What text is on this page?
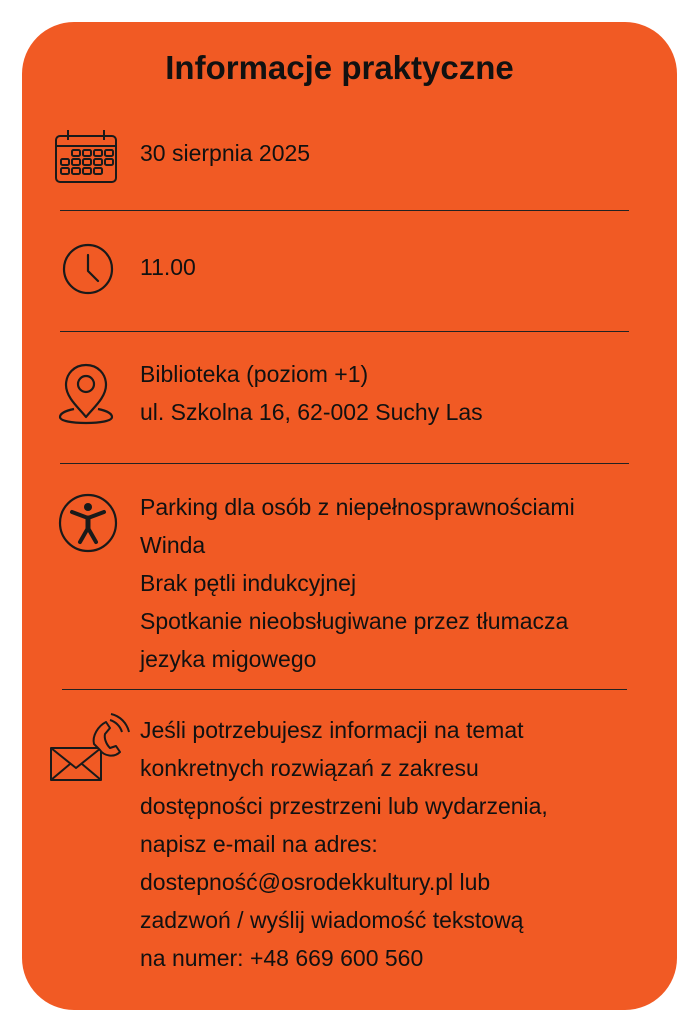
Informacje praktyczne
30 sierpnia 2025
11.00
Biblioteka (poziom +1)
ul. Szkolna 16, 62-002 Suchy Las
Parking dla osób z niepełnosprawnościami
Winda
Brak pętli indukcyjnej
Spotkanie nieobsługiwane przez tłumacza
jezyka migowego
Jeśli potrzebujesz informacji na temat
konkretnych rozwiązań z zakresu
dostępności przestrzeni lub wydarzenia,
napisz e-mail na adres:
dostepność@osrodekkultury.pl lub
zadzwoń / wyślij wiadomość tekstową
na numer: +48 669 600 560
